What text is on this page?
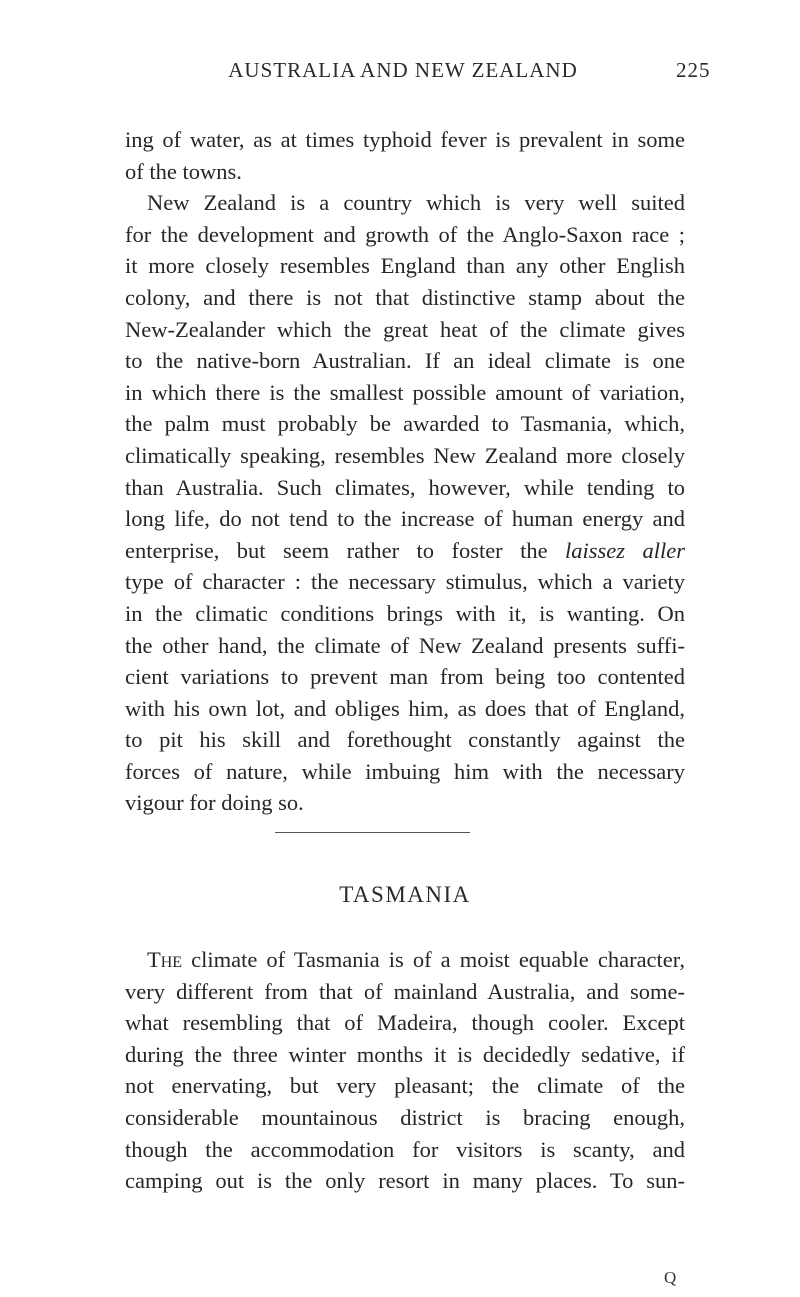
AUSTRALIA AND NEW ZEALAND	225
ing of water, as at times typhoid fever is prevalent in some
of the towns.
New Zealand is a country which is very well suited
for the development and growth of the Anglo-Saxon race ;
it more closely resembles England than any other English
colony, and there is not that distinctive stamp about the
New-Zealander which the great heat of the climate gives
to the native-born Australian. If an ideal climate is one
in which there is the smallest possible amount of variation,
the palm must probably be awarded to Tasmania, which,
climatically speaking, resembles New Zealand more closely
than Australia. Such climates, however, while tending to
long life, do not tend to the increase of human energy and
enterprise, but seem rather to foster the laissez aller
type of character : the necessary stimulus, which a variety
in the climatic conditions brings with it, is wanting. On
the other hand, the climate of New Zealand presents suffi-
cient variations to prevent man from being too contented
with his own lot, and obliges him, as does that of England,
to pit his skill and forethought constantly against the
forces of nature, while imbuing him with the necessary
vigour for doing so.
TASMANIA
The climate of Tasmania is of a moist equable character,
very different from that of mainland Australia, and some-
what resembling that of Madeira, though cooler. Except
during the three winter months it is decidedly sedative, if
not enervating, but very pleasant; the climate of the
considerable mountainous district is bracing enough,
though the accommodation for visitors is scanty, and
camping out is the only resort in many places. To sun-
Q
